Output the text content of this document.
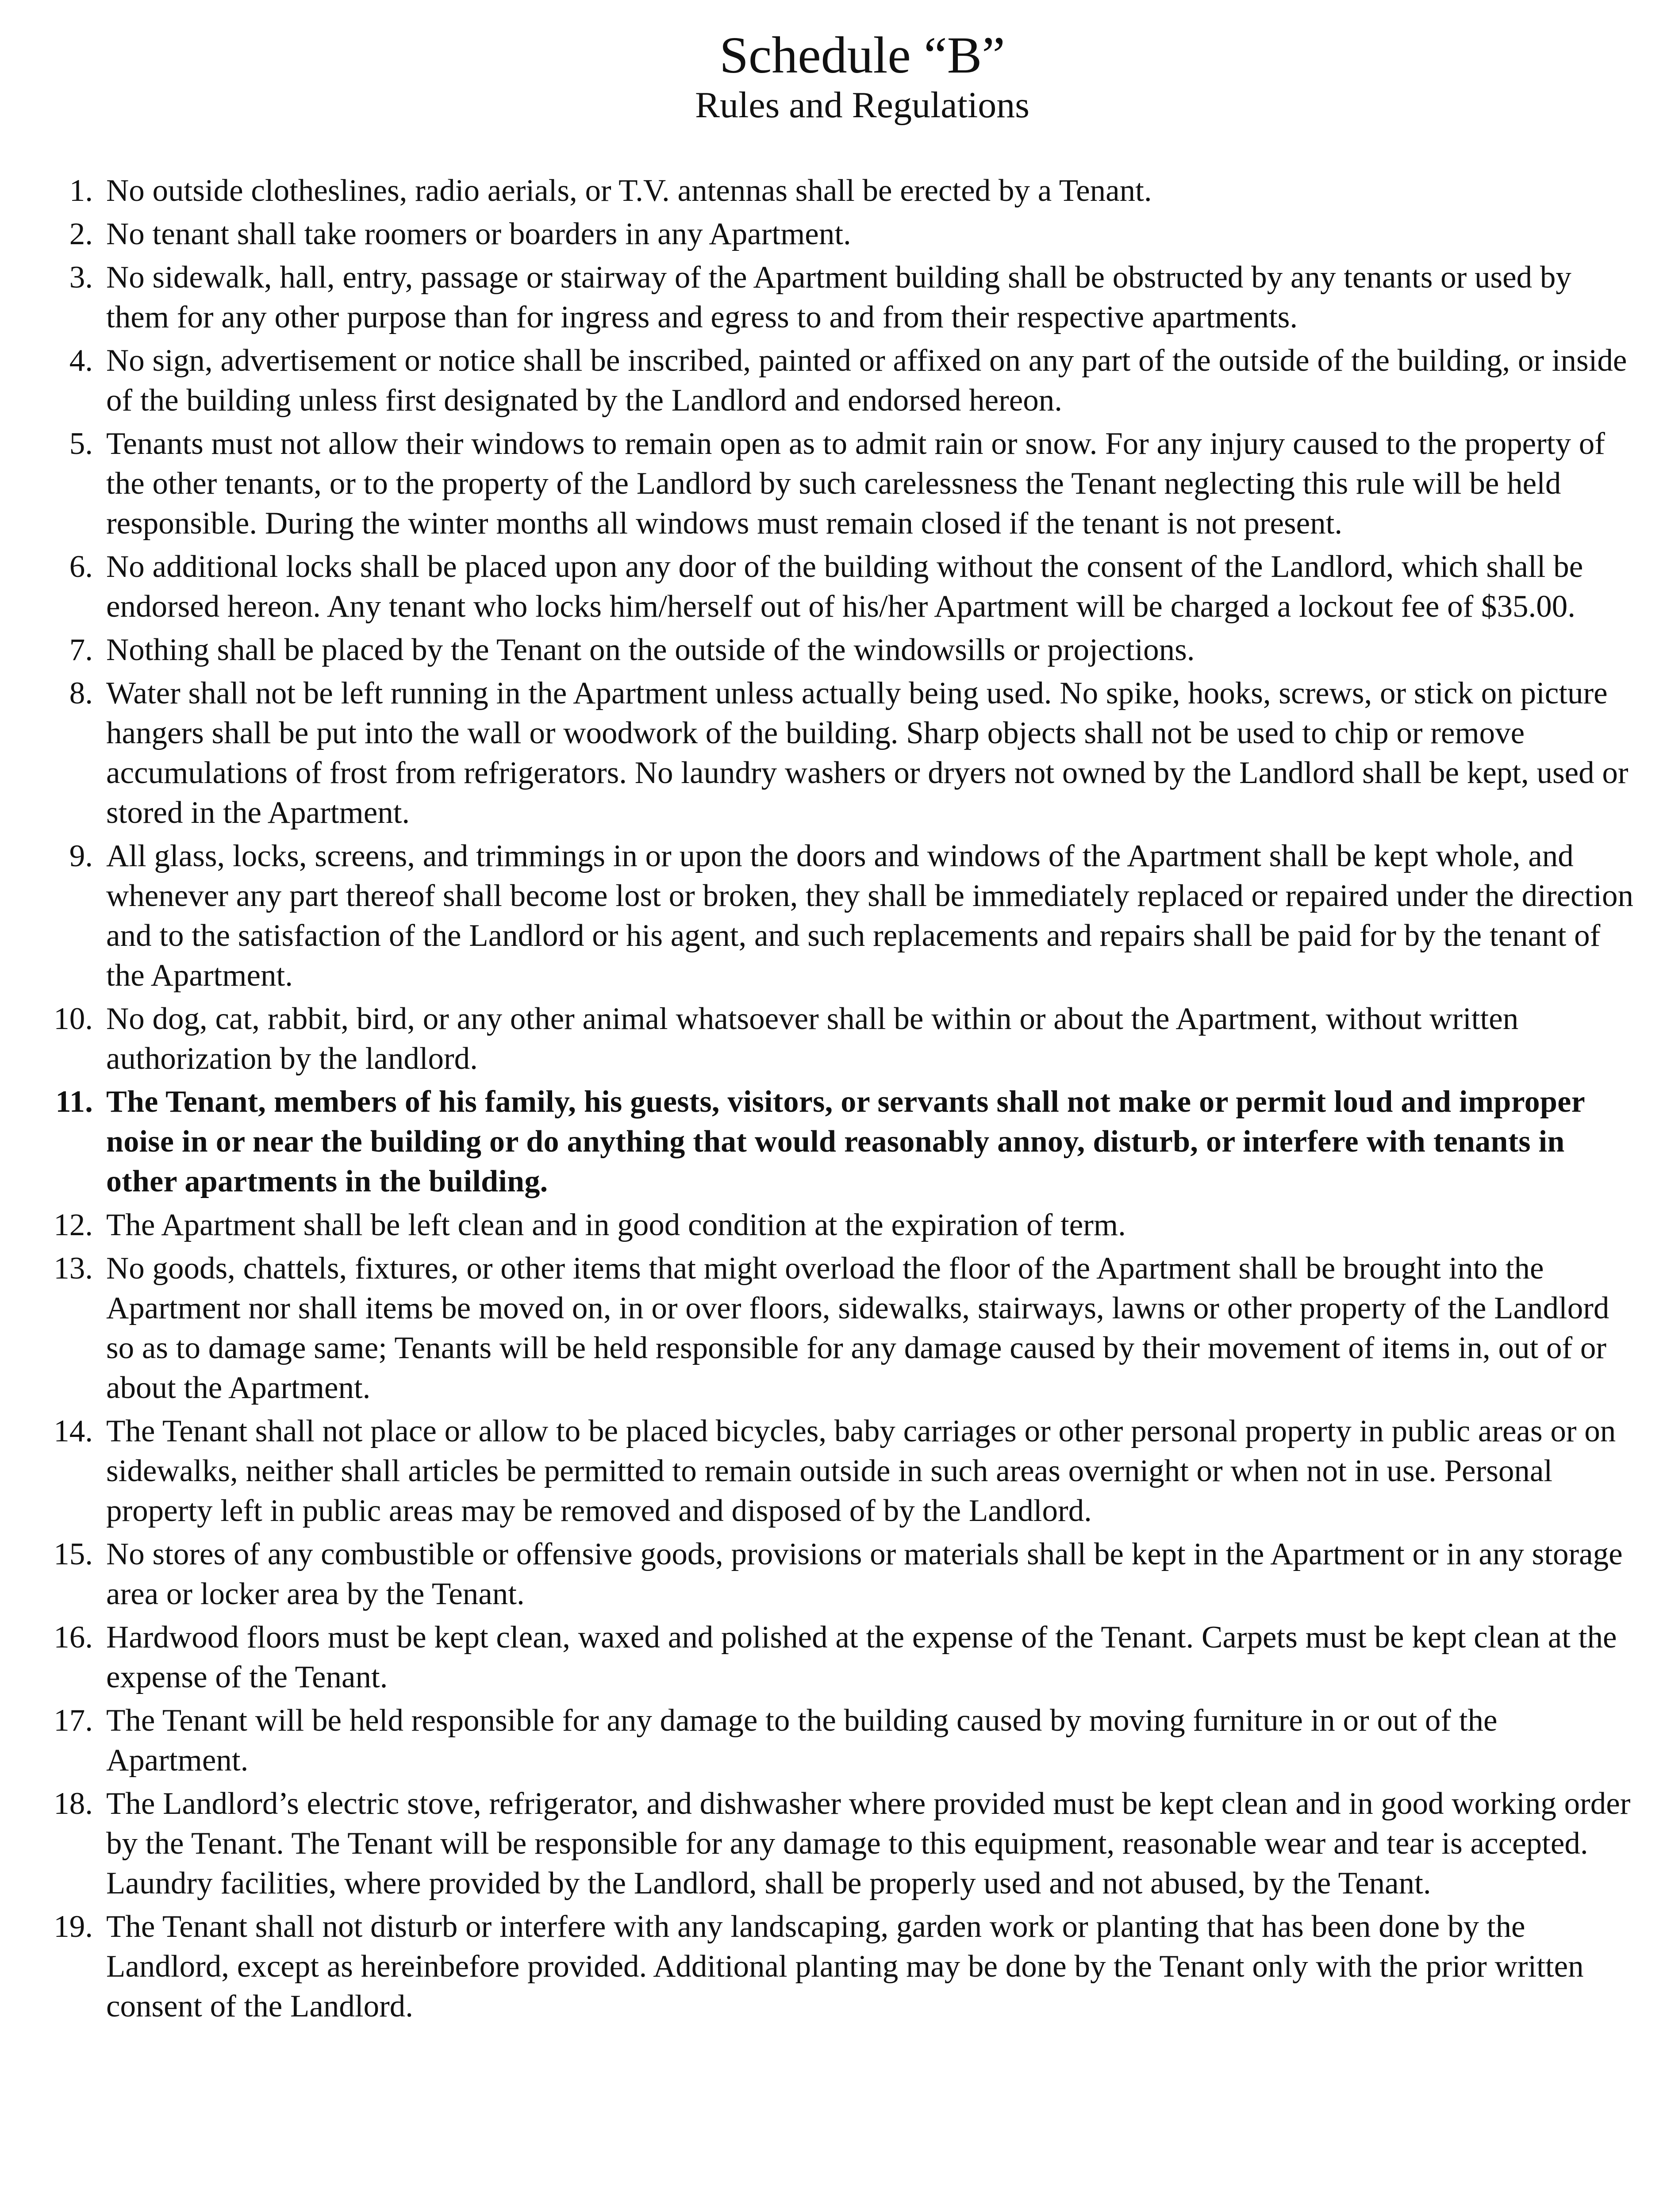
Schedule “B”
Rules and Regulations
1. No outside clotheslines, radio aerials, or T.V. antennas shall be erected by a Tenant.
2. No tenant shall take roomers or boarders in any Apartment.
3. No sidewalk, hall, entry, passage or stairway of the Apartment building shall be obstructed by any tenants or used by them for any other purpose than for ingress and egress to and from their respective apartments.
4. No sign, advertisement or notice shall be inscribed, painted or affixed on any part of the outside of the building, or inside of the building unless first designated by the Landlord and endorsed hereon.
5. Tenants must not allow their windows to remain open as to admit rain or snow. For any injury caused to the property of the other tenants, or to the property of the Landlord by such carelessness the Tenant neglecting this rule will be held responsible. During the winter months all windows must remain closed if the tenant is not present.
6. No additional locks shall be placed upon any door of the building without the consent of the Landlord, which shall be endorsed hereon. Any tenant who locks him/herself out of his/her Apartment will be charged a lockout fee of $35.00.
7. Nothing shall be placed by the Tenant on the outside of the windowsills or projections.
8. Water shall not be left running in the Apartment unless actually being used. No spike, hooks, screws, or stick on picture hangers shall be put into the wall or woodwork of the building. Sharp objects shall not be used to chip or remove accumulations of frost from refrigerators. No laundry washers or dryers not owned by the Landlord shall be kept, used or stored in the Apartment.
9. All glass, locks, screens, and trimmings in or upon the doors and windows of the Apartment shall be kept whole, and whenever any part thereof shall become lost or broken, they shall be immediately replaced or repaired under the direction and to the satisfaction of the Landlord or his agent, and such replacements and repairs shall be paid for by the tenant of the Apartment.
10. No dog, cat, rabbit, bird, or any other animal whatsoever shall be within or about the Apartment, without written authorization by the landlord.
11. The Tenant, members of his family, his guests, visitors, or servants shall not make or permit loud and improper noise in or near the building or do anything that would reasonably annoy, disturb, or interfere with tenants in other apartments in the building.
12. The Apartment shall be left clean and in good condition at the expiration of term.
13. No goods, chattels, fixtures, or other items that might overload the floor of the Apartment shall be brought into the Apartment nor shall items be moved on, in or over floors, sidewalks, stairways, lawns or other property of the Landlord so as to damage same; Tenants will be held responsible for any damage caused by their movement of items in, out of or about the Apartment.
14. The Tenant shall not place or allow to be placed bicycles, baby carriages or other personal property in public areas or on sidewalks, neither shall articles be permitted to remain outside in such areas overnight or when not in use. Personal property left in public areas may be removed and disposed of by the Landlord.
15. No stores of any combustible or offensive goods, provisions or materials shall be kept in the Apartment or in any storage area or locker area by the Tenant.
16. Hardwood floors must be kept clean, waxed and polished at the expense of the Tenant. Carpets must be kept clean at the expense of the Tenant.
17. The Tenant will be held responsible for any damage to the building caused by moving furniture in or out of the Apartment.
18. The Landlord’s electric stove, refrigerator, and dishwasher where provided must be kept clean and in good working order by the Tenant. The Tenant will be responsible for any damage to this equipment, reasonable wear and tear is accepted. Laundry facilities, where provided by the Landlord, shall be properly used and not abused, by the Tenant.
19. The Tenant shall not disturb or interfere with any landscaping, garden work or planting that has been done by the Landlord, except as hereinbefore provided. Additional planting may be done by the Tenant only with the prior written consent of the Landlord.
